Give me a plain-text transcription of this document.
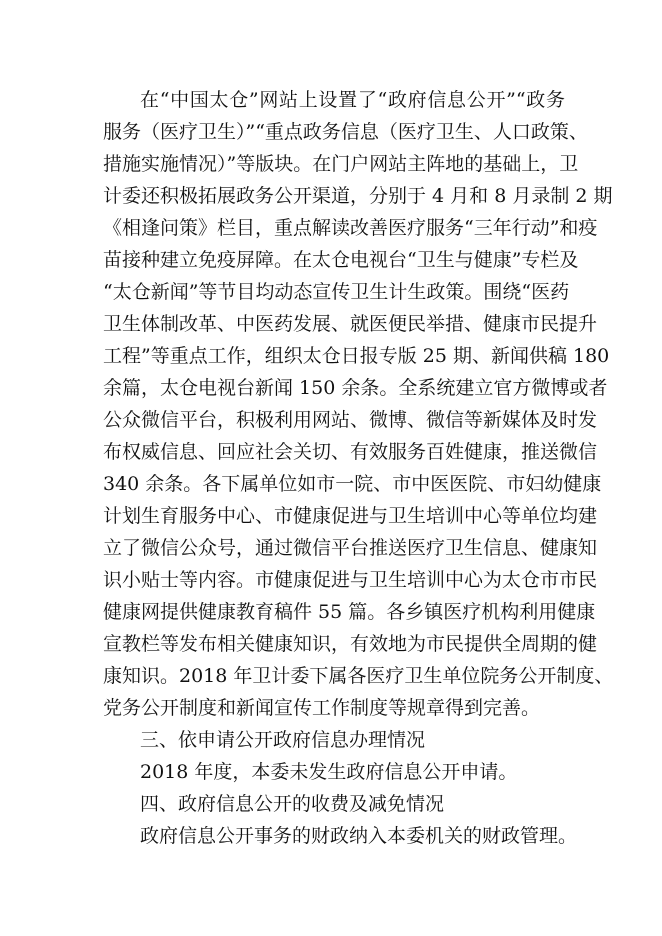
在“中国太仓”网站上设置了“政府信息公开”“政务
服务（医疗卫生）”“重点政务信息（医疗卫生、人口政策、
措施实施情况）”等版块。在门户网站主阵地的基础上，卫
计委还积极拓展政务公开渠道，分别于 4 月和 8 月录制 2 期
《相逢问策》栏目，重点解读改善医疗服务“三年行动”和疫
苗接种建立免疫屏障。在太仓电视台“卫生与健康”专栏及
“太仓新闻”等节目均动态宣传卫生计生政策。围绕“医药
卫生体制改革、中医药发展、就医便民举措、健康市民提升
工程”等重点工作，组织太仓日报专版 25 期、新闻供稿 180
余篇，太仓电视台新闻 150 余条。全系统建立官方微博或者
公众微信平台，积极利用网站、微博、微信等新媒体及时发
布权威信息、回应社会关切、有效服务百姓健康，推送微信
340 余条。各下属单位如市一院、市中医医院、市妇幼健康
计划生育服务中心、市健康促进与卫生培训中心等单位均建
立了微信公众号，通过微信平台推送医疗卫生信息、健康知
识小贴士等内容。市健康促进与卫生培训中心为太仓市市民
健康网提供健康教育稿件 55 篇。各乡镇医疗机构利用健康
宣教栏等发布相关健康知识，有效地为市民提供全周期的健
康知识。2018 年卫计委下属各医疗卫生单位院务公开制度、
党务公开制度和新闻宣传工作制度等规章得到完善。
三、依申请公开政府信息办理情况
2018 年度，本委未发生政府信息公开申请。
四、政府信息公开的收费及减免情况
政府信息公开事务的财政纳入本委机关的财政管理。
